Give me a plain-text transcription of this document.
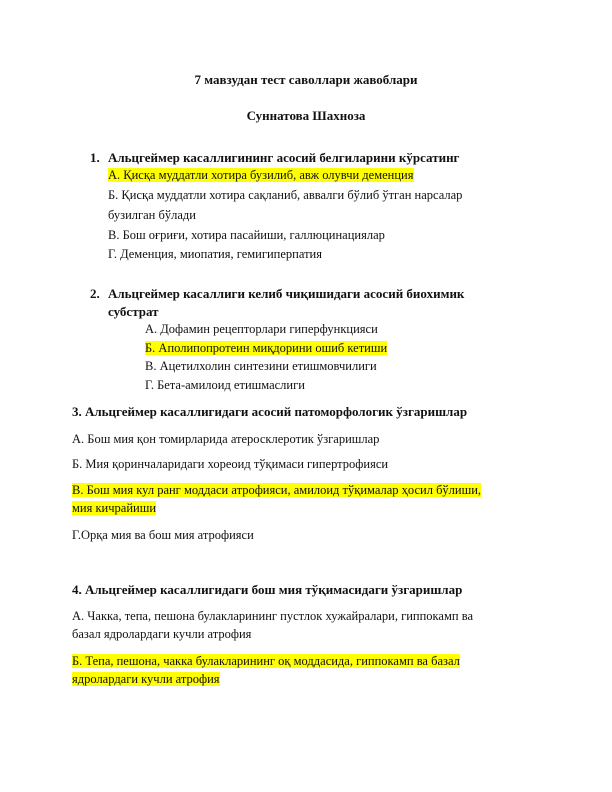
7 мавзудан тест саволлари жавоблари
Суннатова Шахноза
1. Альцгеймер касаллигининг асосий белгиларини кўрсатинг
А. Қисқа муддатли хотира бузилиб, авж олувчи деменция
Б. Қисқа муддатли хотира сақланиб, аввалги бўлиб ўтган нарсалар
бузилган бўлади
В. Бош оғриғи, хотира пасайиши, галлюцинациялар
Г. Деменция, миопатия, гемигиперпатия
2. Альцгеймер касаллиги келиб чиқишидаги асосий биохимик
субстрат
А. Дофамин рецепторлари гиперфункцияси
Б. Аполипопротеин миқдорини ошиб кетиши
В. Ацетилхолин синтезини етишмовчилиги
Г. Бета-амилоид етишмаслиги
3. Альцгеймер касаллигидаги асосий патоморфологик ўзгаришлар
А. Бош мия қон томирларида атеросклеротик ўзгаришлар
Б. Мия қоринчаларидаги хореоид тўқимаси гипертрофияси
В. Бош мия кул ранг моддаси атрофияси, амилоид тўқималар ҳосил бўлиши,
мия кичрайиши
Г.Орқа мия ва бош мия атрофияси
4. Альцгеймер касаллигидаги бош мия тўқимасидаги ўзгаришлар
А. Чакка, тепа, пешона булакларининг пустлок хужайралари, гиппокамп ва
базал ядролардаги кучли атрофия
Б. Тепа, пешона, чакка булакларининг оқ моддасида, гиппокамп ва базал
ядролардаги кучли атрофия
